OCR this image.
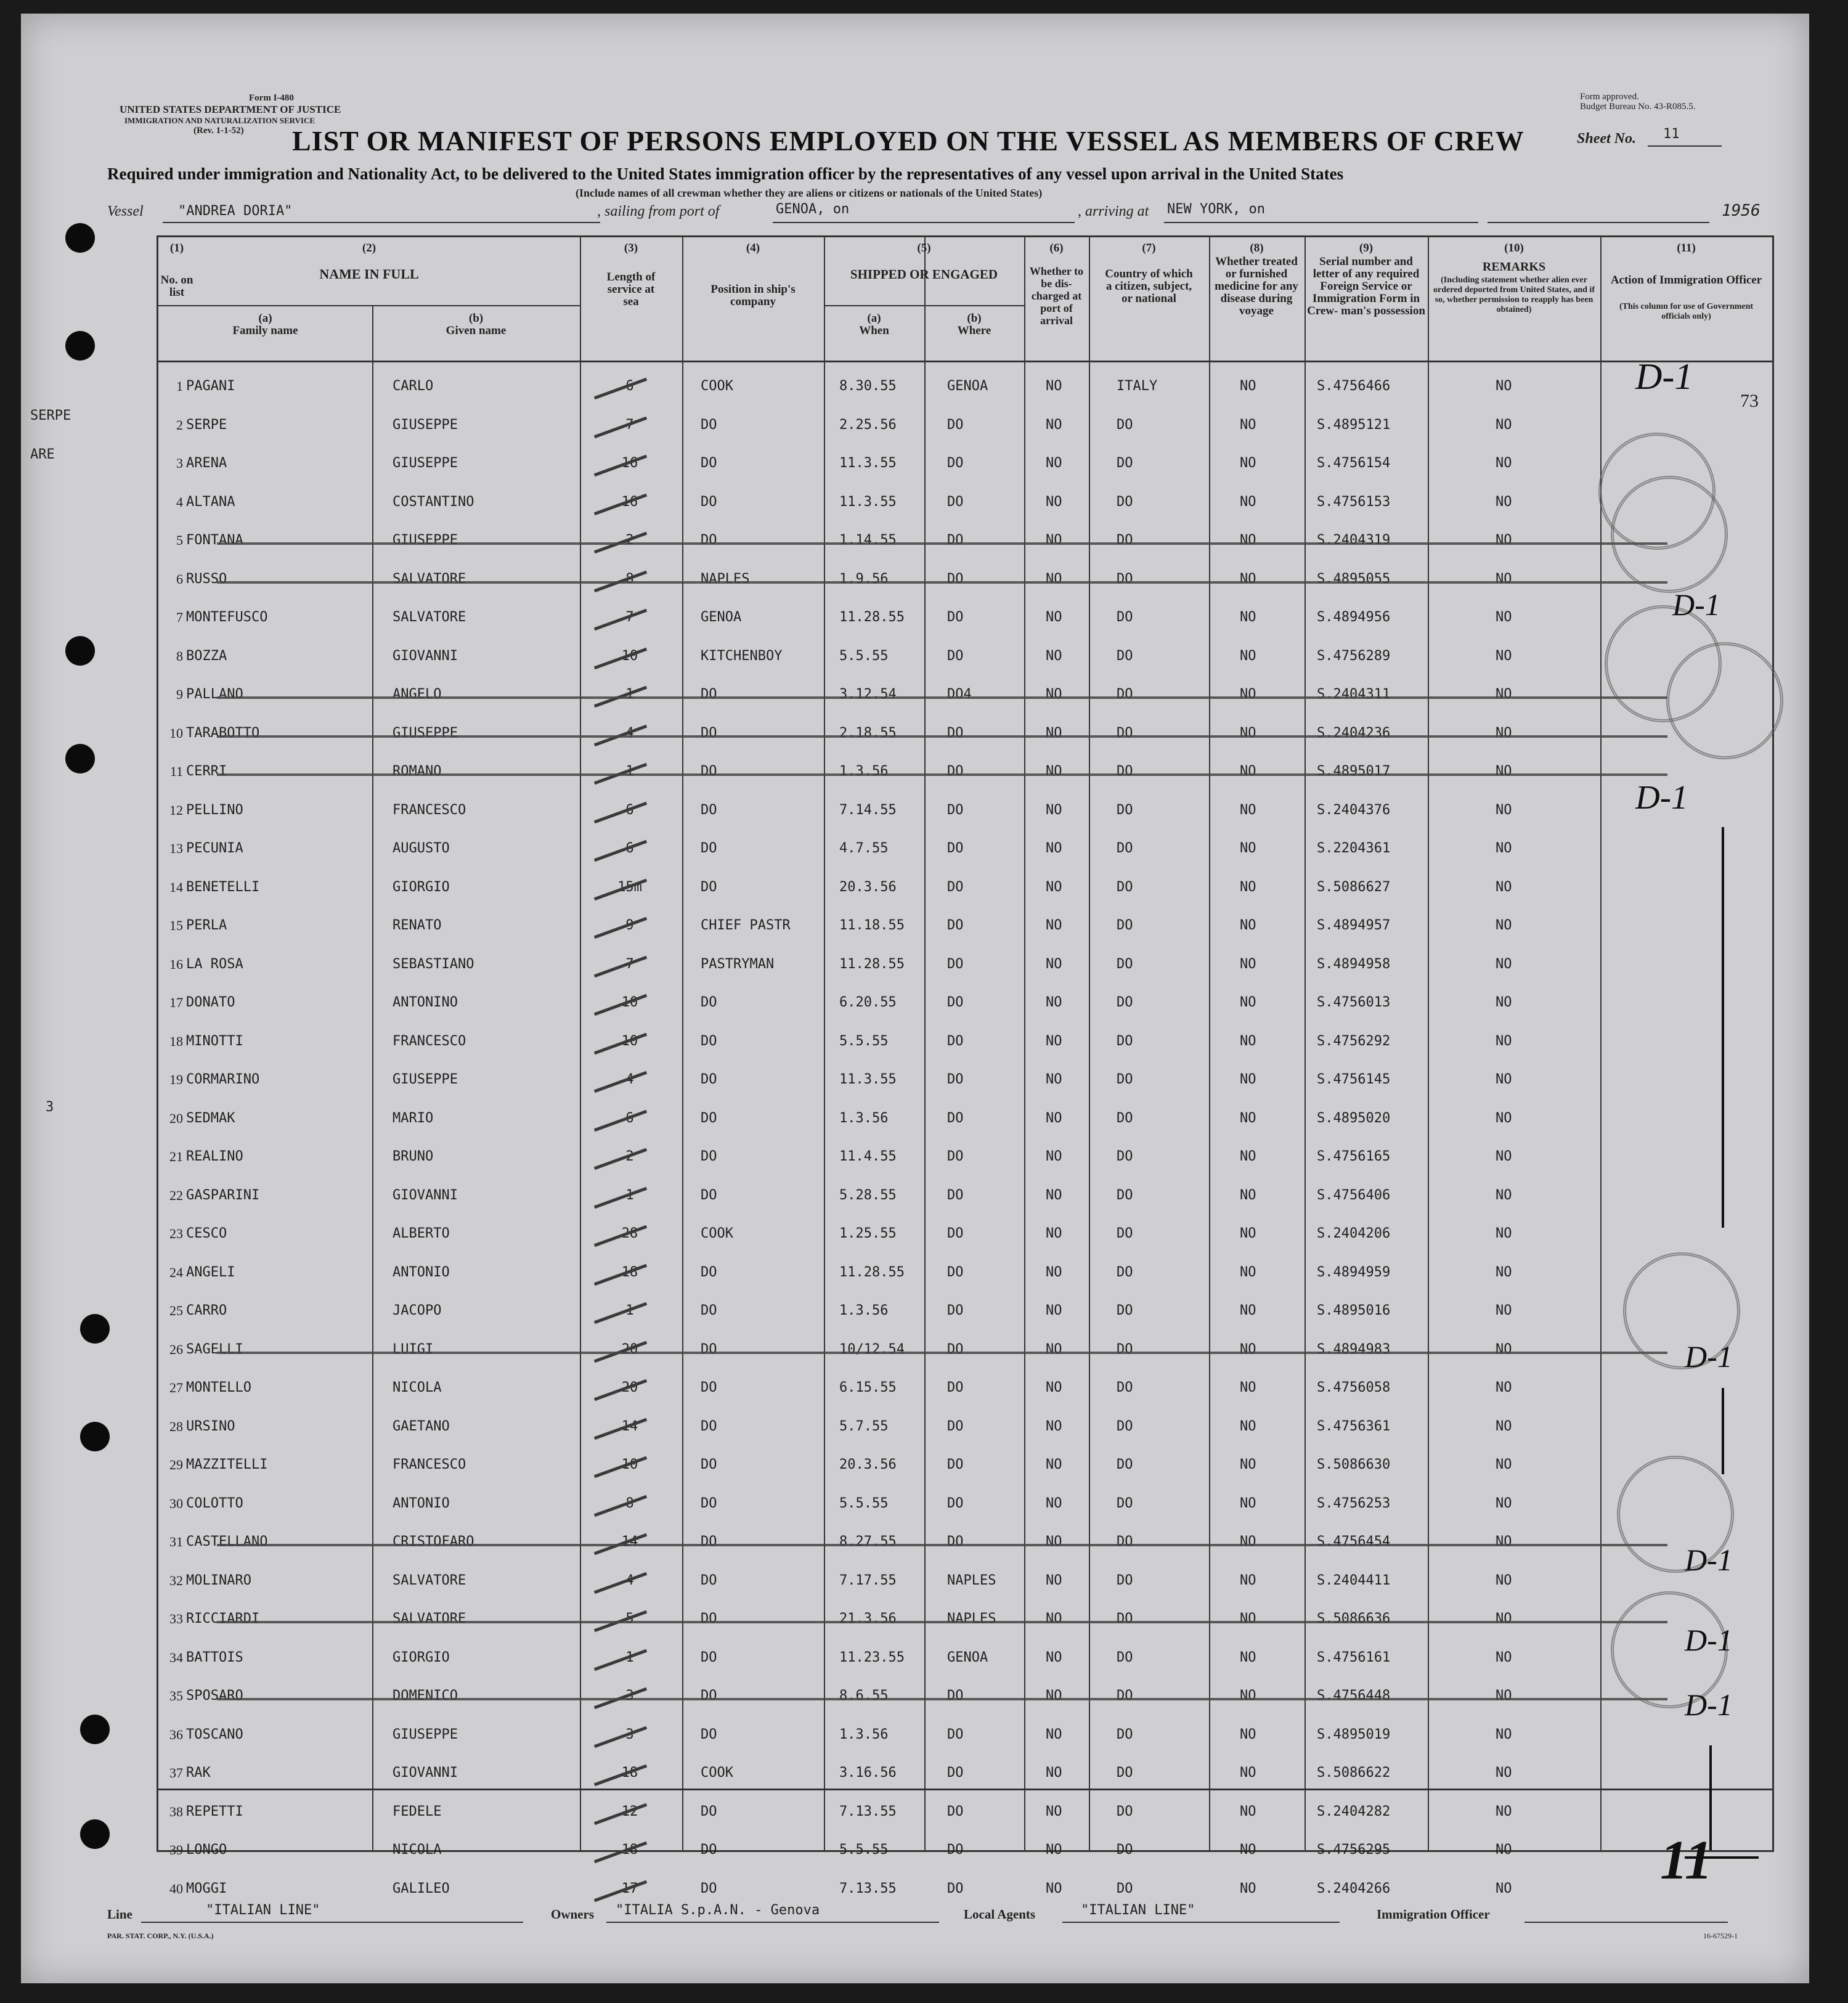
Form I-480
UNITED STATES DEPARTMENT OF JUSTICE
IMMIGRATION AND NATURALIZATION SERVICE
(Rev. 1-1-52)
Form approved.
Budget Bureau No. 43-R085.5.
Sheet No. 11
LIST OR MANIFEST OF PERSONS EMPLOYED ON THE VESSEL AS MEMBERS OF CREW
Required under immigration and Nationality Act, to be delivered to the United States immigration officer by the representatives of any vessel upon arrival in the United States
(Include names of all crewman whether they are aliens or citizens or nationals of the United States)
Vessel	"ANDREA DORIA"	, sailing from port of	GENOA, on	, arriving at NEW YORK, on	1956
SERPE
ARE
3
73
(1)
No. on list
(2)
NAME IN FULL
(a)
Family name
(b)
Given name
(3)
Length of service at sea
(4)
Position in ship's company
(5)
SHIPPED OR ENGAGED
(a)
When
(b)
Where
(6)
Whether to be dis- charged at port of arrival
(7)
Country of which a citizen, subject, or national
(8)
Whether treated or furnished medicine for any disease during voyage
(9)
Serial number and letter of any required Foreign Service or Immigration Form in Crew- man's possession
(10)
REMARKS
(Including statement whether alien ever ordered deported from United States, and if so, whether permission to reapply has been obtained)
(11)
Action of Immigration Officer
(This column for use of Government officials only)
1 PAGANI	CARLO	6	COOK	8.30.55	GENOA	NO	ITALY	NO	S.4756466	NO
2 SERPE	GIUSEPPE	7	DO	2.25.56	DO	NO	DO	NO	S.4895121	NO
3 ARENA	GIUSEPPE	16	DO	11.3.55	DO	NO	DO	NO	S.4756154	NO
4 ALTANA	COSTANTINO	16	DO	11.3.55	DO	NO	DO	NO	S.4756153	NO
5 FONTANA	GIUSEPPE	2	DO	1.14.55	DO	NO	DO	NO	S.2404319	NO
6 RUSSO	SALVATORE	8	NAPLES	1.9.56	DO	NO	DO	NO	S.4895055	NO
7 MONTEFUSCO	SALVATORE	7	GENOA	11.28.55	DO	NO	DO	NO	S.4894956	NO
8 BOZZA	GIOVANNI	10	KITCHENBOY	5.5.55	DO	NO	DO	NO	S.4756289	NO
9 PALLANO	ANGELO	1	DO	3.12.54	DO4	NO	DO	NO	S.2404311	NO
10 TARABOTTO	GIUSEPPE	4	DO	2.18.55	DO	NO	DO	NO	S.2404236	NO
11 CERRI	ROMANO	1	DO	1.3.56	DO	NO	DO	NO	S.4895017	NO
12 PELLINO	FRANCESCO	6	DO	7.14.55	DO	NO	DO	NO	S.2404376	NO
13 PECUNIA	AUGUSTO	6	DO	4.7.55	DO	NO	DO	NO	S.2204361	NO
14 BENETELLI	GIORGIO	15m	DO	20.3.56	DO	NO	DO	NO	S.5086627	NO
15 PERLA	RENATO	9	CHIEF PASTR	11.18.55	DO	NO	DO	NO	S.4894957	NO
16 LA ROSA	SEBASTIANO	7	PASTRYMAN	11.28.55	DO	NO	DO	NO	S.4894958	NO
17 DONATO	ANTONINO	10	DO	6.20.55	DO	NO	DO	NO	S.4756013	NO
18 MINOTTI	FRANCESCO	10	DO	5.5.55	DO	NO	DO	NO	S.4756292	NO
19 CORMARINO	GIUSEPPE	4	DO	11.3.55	DO	NO	DO	NO	S.4756145	NO
20 SEDMAK	MARIO	6	DO	1.3.56	DO	NO	DO	NO	S.4895020	NO
21 REALINO	BRUNO	2	DO	11.4.55	DO	NO	DO	NO	S.4756165	NO
22 GASPARINI	GIOVANNI	1	DO	5.28.55	DO	NO	DO	NO	S.4756406	NO
23 CESCO	ALBERTO	28	COOK	1.25.55	DO	NO	DO	NO	S.2404206	NO
24 ANGELI	ANTONIO	18	DO	11.28.55	DO	NO	DO	NO	S.4894959	NO
25 CARRO	JACOPO	1	DO	1.3.56	DO	NO	DO	NO	S.4895016	NO
26 SAGELLI	LUIGI	20	DO	10/12.54	DO	NO	DO	NO	S.4894983	NO
27 MONTELLO	NICOLA	20	DO	6.15.55	DO	NO	DO	NO	S.4756058	NO
28 URSINO	GAETANO	14	DO	5.7.55	DO	NO	DO	NO	S.4756361	NO
29 MAZZITELLI	FRANCESCO	10	DO	20.3.56	DO	NO	DO	NO	S.5086630	NO
30 COLOTTO	ANTONIO	8	DO	5.5.55	DO	NO	DO	NO	S.4756253	NO
31 CASTELLANO	CRISTOFARO	14	DO	8.27.55	DO	NO	DO	NO	S.4756454	NO
32 MOLINARO	SALVATORE	4	DO	7.17.55	NAPLES	NO	DO	NO	S.2404411	NO
33 RICCIARDI	SALVATORE	5	DO	21.3.56	NAPLES	NO	DO	NO	S.5086636	NO
34 BATTOIS	GIORGIO	1	DO	11.23.55	GENOA	NO	DO	NO	S.4756161	NO
35 SPOSARO	DOMENICO	3	DO	8.6.55	DO	NO	DO	NO	S.4756448	NO
36 TOSCANO	GIUSEPPE	3	DO	1.3.56	DO	NO	DO	NO	S.4895019	NO
37 RAK	GIOVANNI	18	COOK	3.16.56	DO	NO	DO	NO	S.5086622	NO
38 REPETTI	FEDELE	12	DO	7.13.55	DO	NO	DO	NO	S.2404282	NO
39 LONGO	NICOLA	18	DO	5.5.55	DO	NO	DO	NO	S.4756295	NO
40 MOGGI	GALILEO	17	DO	7.13.55	DO	NO	DO	NO	S.2404266	NO
D-1
D-1
D-1
D-1
D-1
D-1
D-1
11
Line	"ITALIAN LINE"	Owners "ITALIA S.p.A.N. - Genova	Local Agents	"ITALIAN LINE"	Immigration Officer
PAR. STAT. CORP., N.Y. (U.S.A.)	16-67529-1
